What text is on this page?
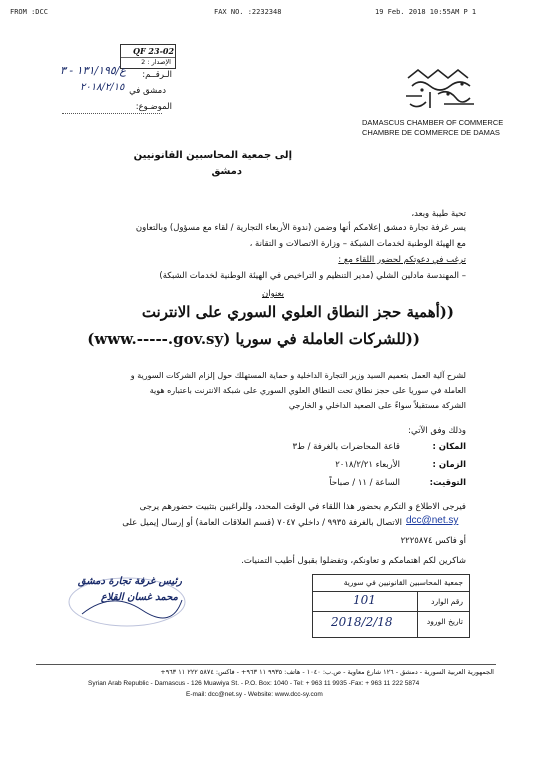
FROM :DCC	FAX NO. :2232348	19 Feb. 2018 10:55AM P 1
QF 23-02
الإصدار : 2
الـرقــم:
ع/١٣١/١٩٥ - ٣
دمشق في
٢٠١٨/٢/١٥
الموضـوع:
DAMASCUS CHAMBER OF COMMERCE
CHAMBRE DE COMMERCE DE DAMAS
إلى جمعية المحاسبين القانونيين
دمشق
تحية طيبة وبعد،
يسر غرفة تجارة دمشق إعلامكم أنها وضمن (ندوة الأربعاء التجارية / لقاء مع مسؤول) وبالتعاون
مع الهيئة الوطنية لخدمات الشبكة – وزارة الاتصالات و التقانة ،
ترغب في دعوتكم لحضور اللقاء مع :
– المهندسة مادلين الشلي (مدير التنظيم و التراخيص في الهيئة الوطنية لخدمات الشبكة)
بعنوان
((أهمية حجز النطاق العلوي السوري على الانترنت
(www.-----.gov.sy) للشركات العاملة في سوريا))
لشرح آلية العمل بتعميم السيد وزير التجارة الداخلية و حماية المستهلك حول إلزام الشركات السورية و
العاملة في سوريا على حجز نطاق تحت النطاق العلوي السوري على شبكة الانترنت باعتباره هوية
الشركة مستقبلاً سواءً على الصعيد الداخلي و الخارجي
وذلك وفق الآتي:
المكان :
قاعة المحاضرات بالغرفة / ط٣
الزمان :
الأربعاء ٢٠١٨/٢/٢١
التوقيت:
الساعة / ١١ / صباحاً
فيرجى الاطلاع و التكرم بحضور هذا اللقاء في الوقت المحدد، وللراغبين بتثبيت حضورهم يرجى
الاتصال بالغرفة ٩٩٣٥ / داخلي ٧٠٤٧ (قسم العلاقات العامة) أو إرسال إيميل على dcc@net.sy
أو فاكس ٢٢٢٥٨٧٤
شاكرين لكم اهتمامكم و تعاونكم، وتفضلوا بقبول أطيب التمنيات.
جمعية المحاسبين القانونيين في سورية
رقم الوارد
101
تاريخ الورود
2018/2/18
رئيس غرفة تجارة دمشق
محمد غسان القلاع
الجمهورية العربية السورية - دمشق - ١٢٦ شارع معاوية - ص.ب: ١٠٤٠ - هاتف: ٩٩٣٥ ١١ ٩٦٣+ - فاكس: ٥٨٧٤ ٢٢٢ ١١ ٩٦٣+
Syrian Arab Republic - Damascus - 126 Muawiya St. - P.O. Box: 1040 - Tel: + 963 11 9935 -Fax: + 963 11 222 5874
E-mail: dcc@net.sy - Website: www.dcc-sy.com
